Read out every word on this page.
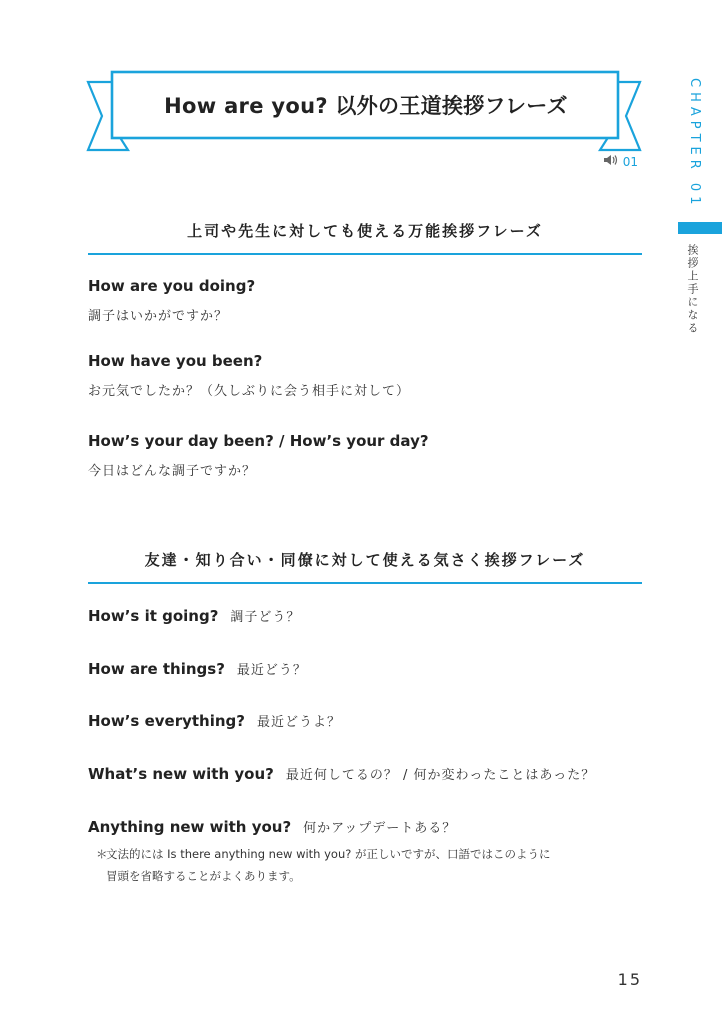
How are you? 以外の王道挨拶フレーズ
01	CHAPTER 01
挨拶上手になる
上司や先生に対しても使える万能挨拶フレーズ
How are you doing?
調子はいかがですか？
How have you been?
お元気でしたか？（久しぶりに会う相手に対して）
How’s your day been? / How’s your day?
今日はどんな調子ですか？
友達・知り合い・同僚に対して使える気さく挨拶フレーズ
How’s it going? 調子どう？
How are things? 最近どう？
How’s everything? 最近どうよ？
What’s new with you? 最近何してるの？ / 何か変わったことはあった？
Anything new with you? 何かアップデートある？
＊
文法的には Is there anything new with you? が正しいですが、口語ではこのように
冒頭を省略することがよくあります。
15
